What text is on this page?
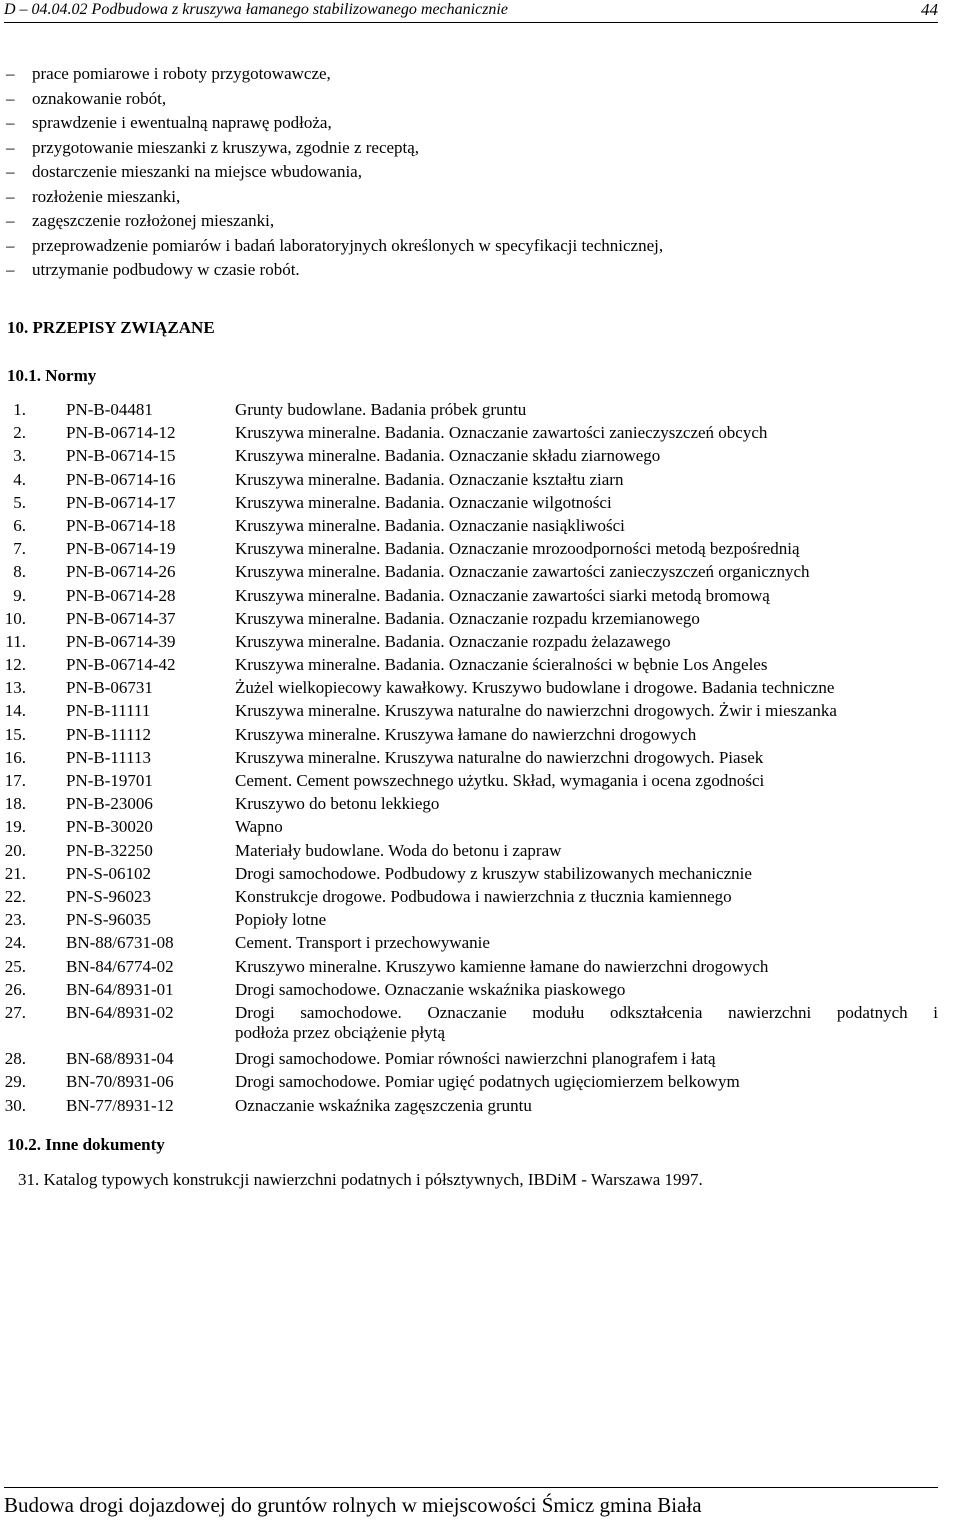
D – 04.04.02 Podbudowa z kruszywa łamanego stabilizowanego mechanicznie	44
– prace pomiarowe i roboty przygotowawcze,
– oznakowanie robót,
– sprawdzenie i ewentualną naprawę podłoża,
– przygotowanie mieszanki z kruszywa, zgodnie z receptą,
– dostarczenie mieszanki na miejsce wbudowania,
– rozłożenie mieszanki,
– zagęszczenie rozłożonej mieszanki,
– przeprowadzenie pomiarów i badań laboratoryjnych określonych w specyfikacji technicznej,
– utrzymanie podbudowy w czasie robót.
10. PRZEPISY ZWIĄZANE
10.1. Normy
1. PN-B-04481	Grunty budowlane. Badania próbek gruntu
2. PN-B-06714-12	Kruszywa mineralne. Badania. Oznaczanie zawartości zanieczyszczeń obcych
3. PN-B-06714-15	Kruszywa mineralne. Badania. Oznaczanie składu ziarnowego
4. PN-B-06714-16	Kruszywa mineralne. Badania. Oznaczanie kształtu ziarn
5. PN-B-06714-17	Kruszywa mineralne. Badania. Oznaczanie wilgotności
6. PN-B-06714-18	Kruszywa mineralne. Badania. Oznaczanie nasiąkliwości
7. PN-B-06714-19	Kruszywa mineralne. Badania. Oznaczanie mrozoodporności metodą bezpośrednią
8. PN-B-06714-26	Kruszywa mineralne. Badania. Oznaczanie zawartości zanieczyszczeń organicznych
9. PN-B-06714-28	Kruszywa mineralne. Badania. Oznaczanie zawartości siarki metodą bromową
10. PN-B-06714-37	Kruszywa mineralne. Badania. Oznaczanie rozpadu krzemianowego
11. PN-B-06714-39	Kruszywa mineralne. Badania. Oznaczanie rozpadu żelazawego
12. PN-B-06714-42	Kruszywa mineralne. Badania. Oznaczanie ścieralności w bębnie Los Angeles
13. PN-B-06731	Żużel wielkopiecowy kawałkowy. Kruszywo budowlane i drogowe. Badania techniczne
14. PN-B-11111	Kruszywa mineralne. Kruszywa naturalne do nawierzchni drogowych. Żwir i mieszanka
15. PN-B-11112	Kruszywa mineralne. Kruszywa łamane do nawierzchni drogowych
16. PN-B-11113	Kruszywa mineralne. Kruszywa naturalne do nawierzchni drogowych. Piasek
17. PN-B-19701	Cement. Cement powszechnego użytku. Skład, wymagania i ocena zgodności
18. PN-B-23006	Kruszywo do betonu lekkiego
19. PN-B-30020	Wapno
20. PN-B-32250	Materiały budowlane. Woda do betonu i zapraw
21. PN-S-06102	Drogi samochodowe. Podbudowy z kruszyw stabilizowanych mechanicznie
22. PN-S-96023	Konstrukcje drogowe. Podbudowa i nawierzchnia z tłucznia kamiennego
23. PN-S-96035	Popioły lotne
24. BN-88/6731-08	Cement. Transport i przechowywanie
25. BN-84/6774-02	Kruszywo mineralne. Kruszywo kamienne łamane do nawierzchni drogowych
26. BN-64/8931-01	Drogi samochodowe. Oznaczanie wskaźnika piaskowego
27. BN-64/8931-02	Drogi samochodowe. Oznaczanie modułu odkształcenia nawierzchni podatnych i
podłoża przez obciążenie płytą
28. BN-68/8931-04	Drogi samochodowe. Pomiar równości nawierzchni planografem i łatą
29. BN-70/8931-06	Drogi samochodowe. Pomiar ugięć podatnych ugięciomierzem belkowym
30. BN-77/8931-12	Oznaczanie wskaźnika zagęszczenia gruntu
10.2. Inne dokumenty
31. Katalog typowych konstrukcji nawierzchni podatnych i półsztywnych, IBDiM - Warszawa 1997.
Budowa drogi dojazdowej do gruntów rolnych w miejscowości Śmicz gmina Biała
